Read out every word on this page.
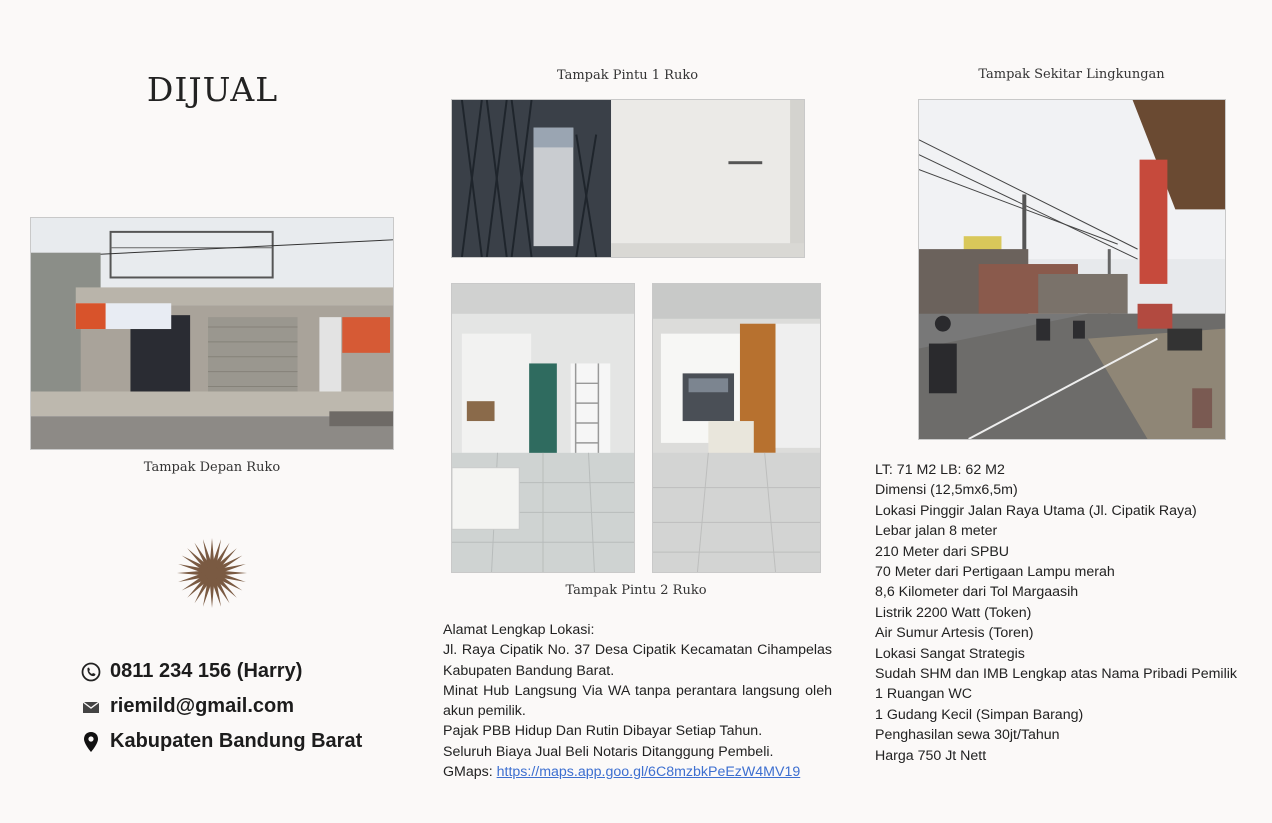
DIJUAL
Tampak Depan Ruko
0811 234 156 (Harry)
riemild@gmail.com
Kabupaten Bandung Barat
Tampak Pintu 1 Ruko
Tampak Pintu 2 Ruko

Alamat Lengkap Lokasi:

Jl. Raya Cipatik No. 37 Desa Cipatik Kecamatan Cihampelas Kabupaten Bandung Barat.

Minat Hub Langsung Via WA tanpa perantara langsung oleh akun pemilik.

Pajak PBB Hidup Dan Rutin Dibayar Setiap Tahun.

Seluruh Biaya Jual Beli Notaris Ditanggung Pembeli.

GMaps: https://maps.app.goo.gl/6C8mzbkPeEzW4MV19

Tampak Sekitar Lingkungan

LT: 71 M2 LB: 62 M2

Dimensi (12,5mx6,5m)

Lokasi Pinggir Jalan Raya Utama (Jl. Cipatik Raya)

Lebar jalan 8 meter

210 Meter dari SPBU

70 Meter dari Pertigaan Lampu merah

8,6 Kilometer dari Tol Margaasih

Listrik 2200 Watt (Token)

Air Sumur Artesis (Toren)

Lokasi Sangat Strategis

Sudah SHM dan IMB Lengkap atas Nama Pribadi Pemilik

1 Ruangan WC

1 Gudang Kecil (Simpan Barang)

Penghasilan sewa 30jt/Tahun

Harga 750 Jt Nett
